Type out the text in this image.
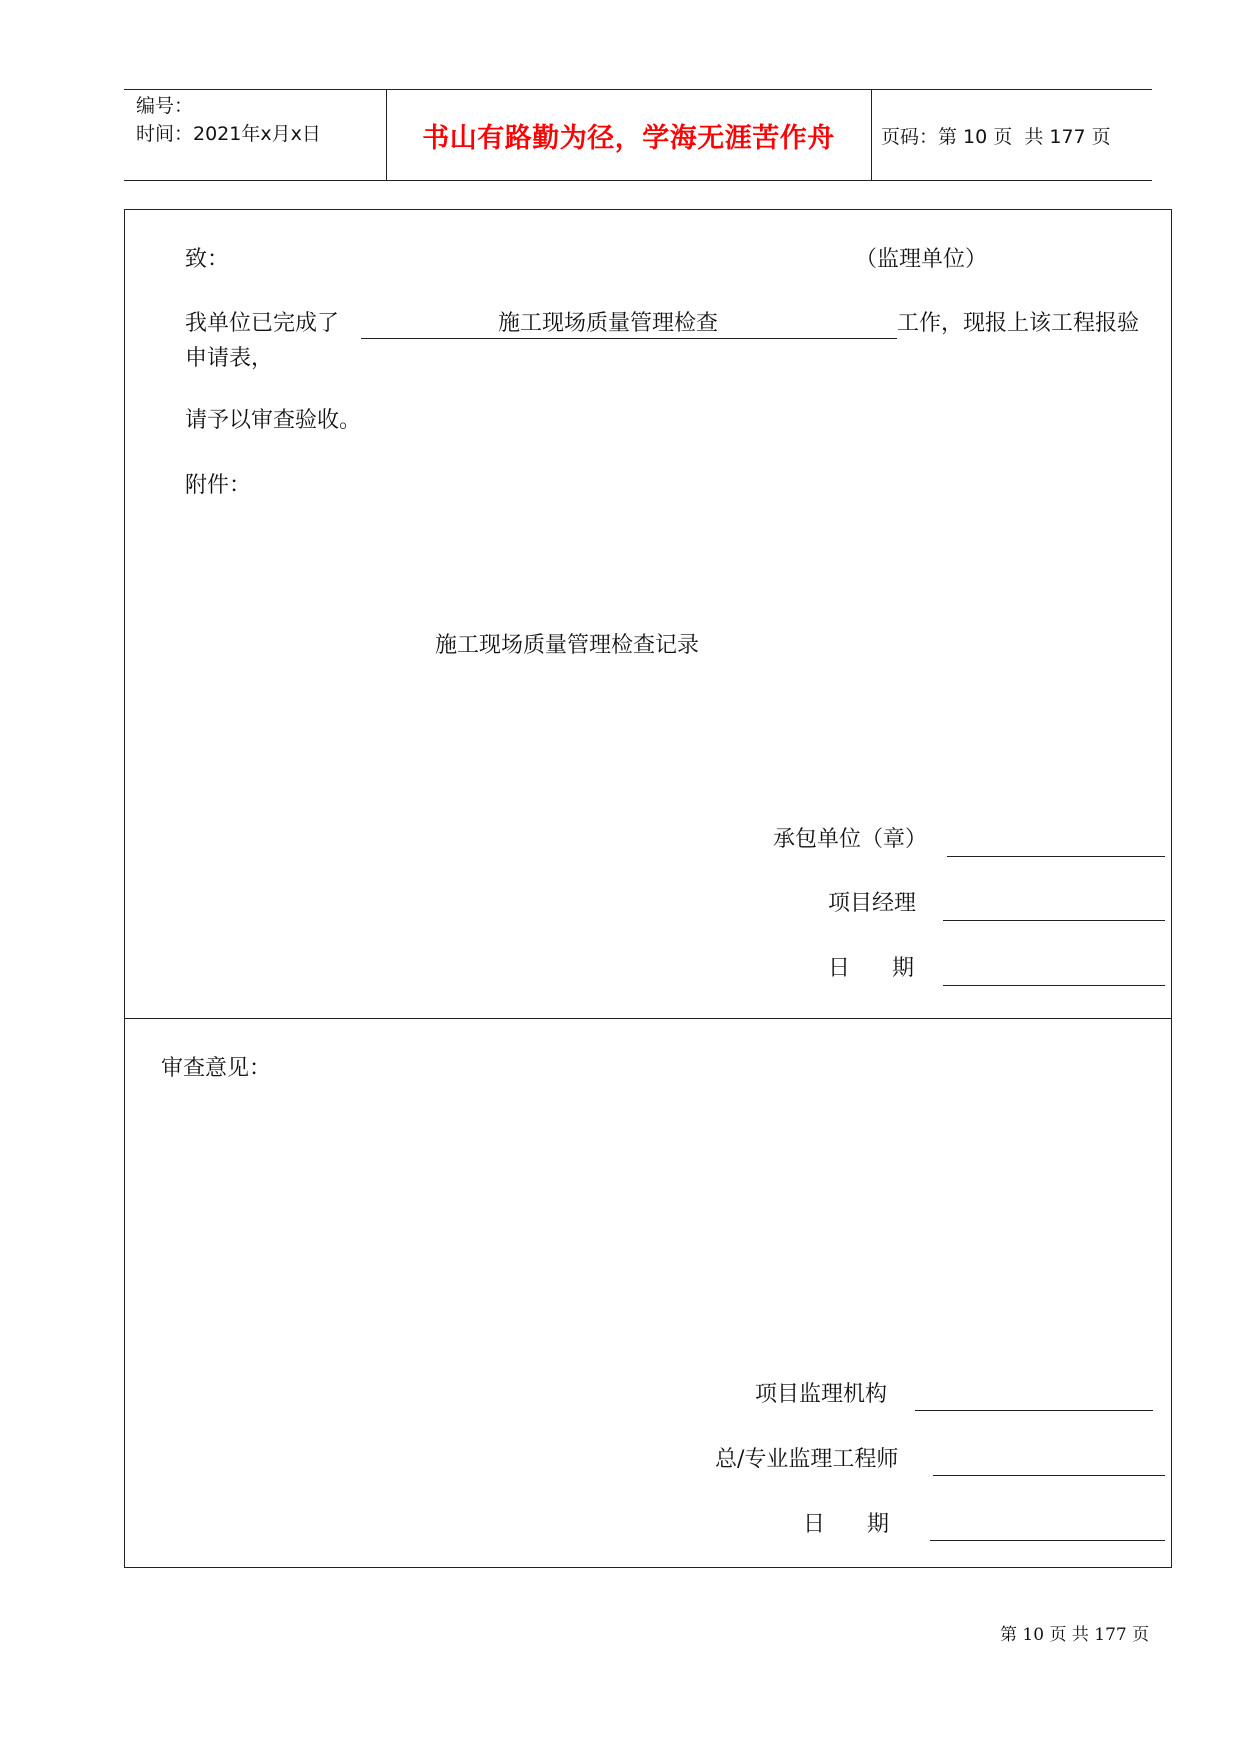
编号：
时间：2021年x月x日	书山有路勤为径，学海无涯苦作舟	页码：第 10 页  共 177 页
致：	（监理单位）
我单位已完成了	施工现场质量管理检查	工作，现报上该工程报验
申请表，
请予以审查验收。
附件：
施工现场质量管理检查记录
承包单位（章）
项目经理
日      期
审查意见：
项目监理机构
总/专业监理工程师
日      期
第 10 页 共 177 页
